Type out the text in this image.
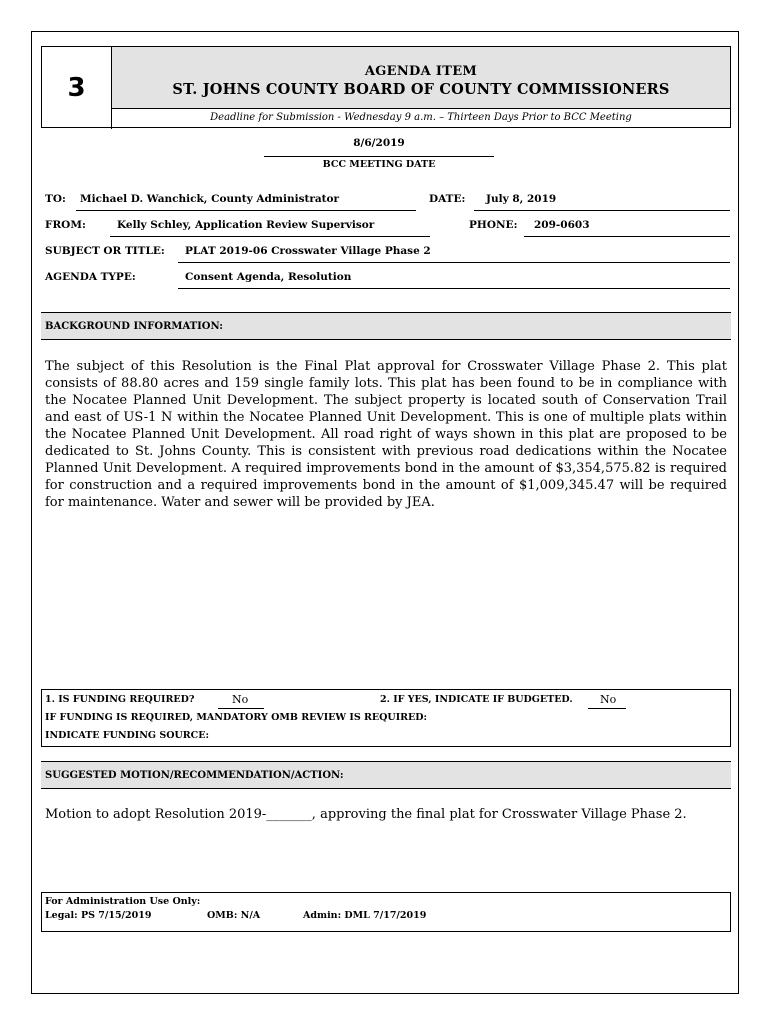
3
AGENDA ITEM
ST. JOHNS COUNTY BOARD OF COUNTY COMMISSIONERS
Deadline for Submission - Wednesday 9 a.m. – Thirteen Days Prior to BCC Meeting
8/6/2019
BCC MEETING DATE
TO: Michael D. Wanchick, County Administrator	DATE: July 8, 2019
FROM:	Kelly Schley, Application Review Supervisor	PHONE: 209-0603
SUBJECT OR TITLE: PLAT 2019-06 Crosswater Village Phase 2
AGENDA TYPE:	Consent Agenda, Resolution
BACKGROUND INFORMATION:
The subject of this Resolution is the Final Plat approval for Crosswater Village Phase 2. This plat consists of 88.80 acres and 159 single family lots. This plat has been found to be in compliance with the Nocatee Planned Unit Development. The subject property is located south of Conservation Trail and east of US-1 N within the Nocatee Planned Unit Development. This is one of multiple plats within the Nocatee Planned Unit Development. All road right of ways shown in this plat are proposed to be dedicated to St. Johns County. This is consistent with previous road dedications within the Nocatee Planned Unit Development. A required improvements bond in the amount of $3,354,575.82 is required for construction and a required improvements bond in the amount of $1,009,345.47 will be required for maintenance. Water and sewer will be provided by JEA.
1. IS FUNDING REQUIRED?	No	2. IF YES, INDICATE IF BUDGETED. No
IF FUNDING IS REQUIRED, MANDATORY OMB REVIEW IS REQUIRED:
INDICATE FUNDING SOURCE:
SUGGESTED MOTION/RECOMMENDATION/ACTION:
Motion to adopt Resolution 2019-_______, approving the final plat for Crosswater Village Phase 2.
For Administration Use Only:
Legal: PS 7/15/2019	OMB: N/A	Admin: DML 7/17/2019
